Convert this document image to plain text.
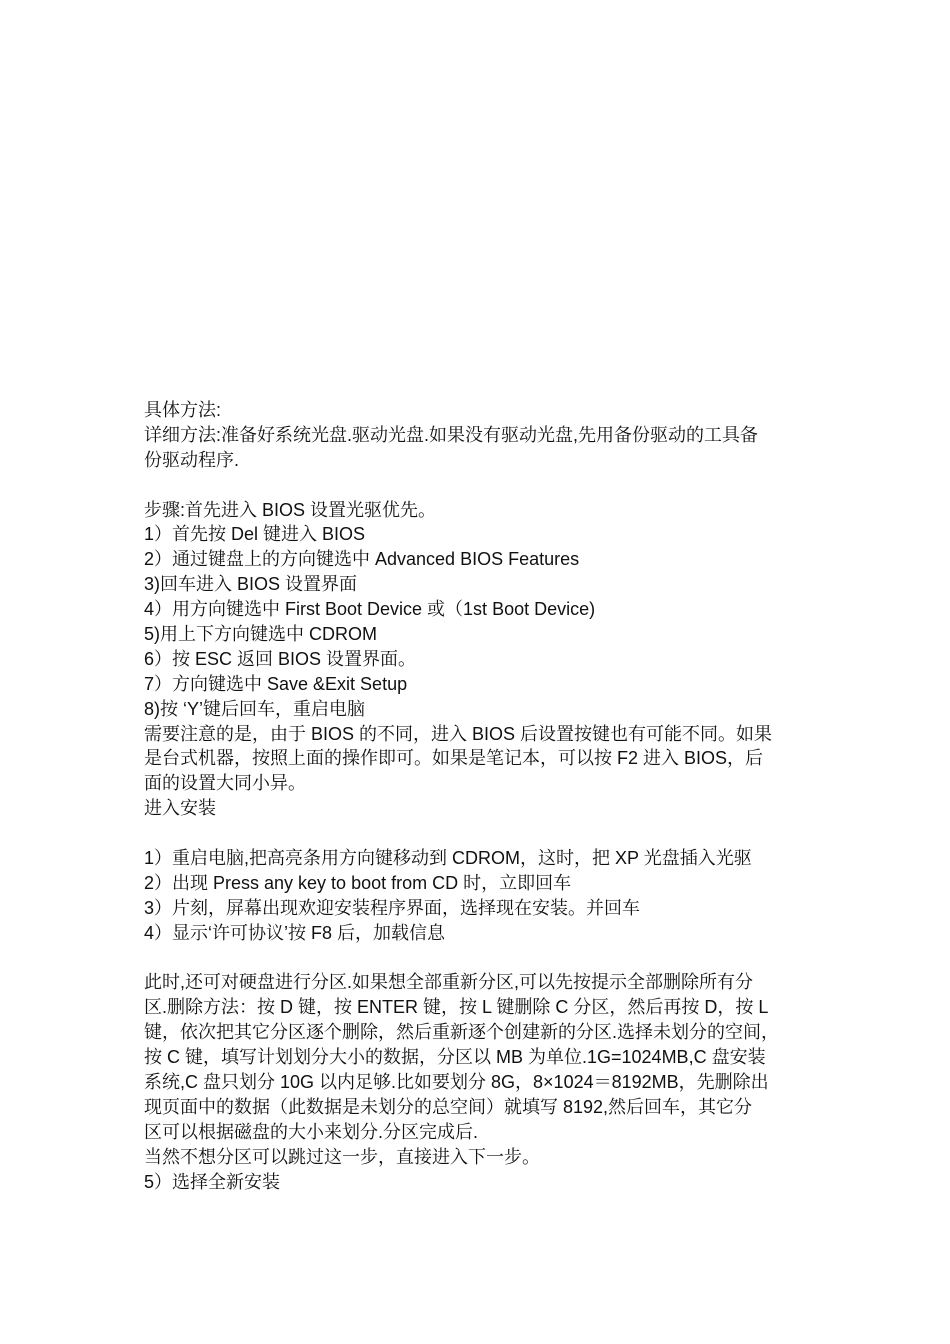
具体方法:
详细方法:准备好系统光盘.驱动光盘.如果没有驱动光盘,先用备份驱动的工具备
份驱动程序.
步骤:首先进入 BIOS 设置光驱优先。
1）首先按 Del 键进入 BIOS
2）通过键盘上的方向键选中 Advanced BIOS Features
3)回车进入 BIOS 设置界面
4）用方向键选中 First Boot Device 或（1st Boot Device)
5)用上下方向键选中 CDROM
6）按 ESC 返回 BIOS 设置界面。
7）方向键选中 Save &Exit Setup
8)按 ‘Y’键后回车，重启电脑
需要注意的是，由于 BIOS 的不同，进入 BIOS 后设置按键也有可能不同。如果
是台式机器，按照上面的操作即可。如果是笔记本，可以按 F2 进入 BIOS，后
面的设置大同小异。
进入安装
1）重启电脑,把高亮条用方向键移动到 CDROM，这时，把 XP 光盘插入光驱
2）出现 Press any key to boot from CD 时，立即回车
3）片刻，屏幕出现欢迎安装程序界面，选择现在安装。并回车
4）显示‘许可协议’按 F8 后，加载信息
此时,还可对硬盘进行分区.如果想全部重新分区,可以先按提示全部删除所有分
区.删除方法：按 D 键，按 ENTER 键，按 L 键删除 C 分区，然后再按 D，按 L
键，依次把其它分区逐个删除，然后重新逐个创建新的分区.选择未划分的空间，
按 C 键，填写计划划分大小的数据，分区以 MB 为单位.1G=1024MB,C 盘安装
系统,C 盘只划分 10G 以内足够.比如要划分 8G，8×1024＝8192MB，先删除出
现页面中的数据（此数据是未划分的总空间）就填写 8192,然后回车，其它分
区可以根据磁盘的大小来划分.分区完成后.
当然不想分区可以跳过这一步，直接进入下一步。
5）选择全新安装
